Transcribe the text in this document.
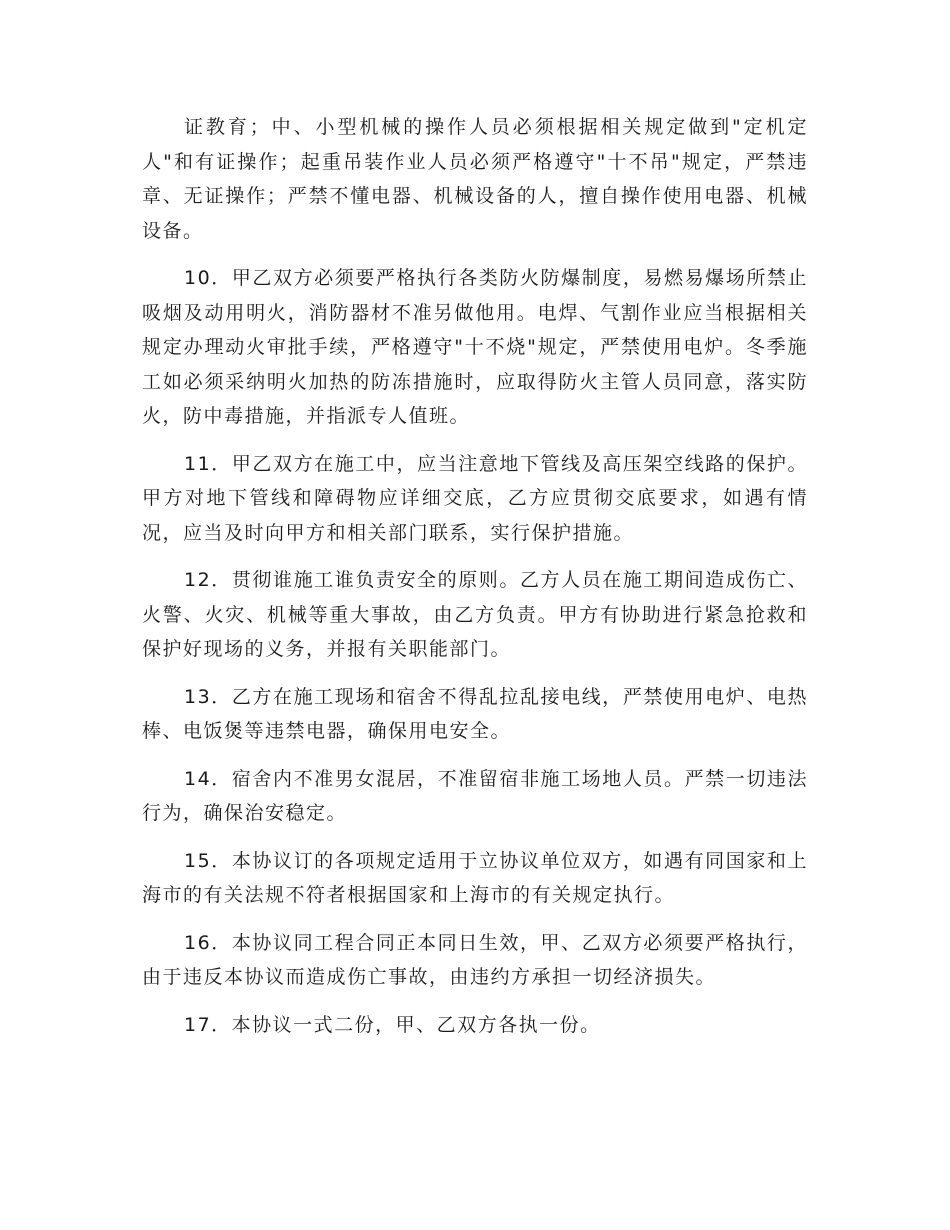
证教育；中、小型机械的操作人员必须根据相关规定做到"定机定人"和有证操作；起重吊装作业人员必须严格遵守"十不吊"规定，严禁违章、无证操作；严禁不懂电器、机械设备的人，擅自操作使用电器、机械设备。

10．甲乙双方必须要严格执行各类防火防爆制度，易燃易爆场所禁止吸烟及动用明火，消防器材不准另做他用。电焊、气割作业应当根据相关规定办理动火审批手续，严格遵守"十不烧"规定，严禁使用电炉。冬季施工如必须采纳明火加热的防冻措施时，应取得防火主管人员同意，落实防火，防中毒措施，并指派专人值班。

11．甲乙双方在施工中，应当注意地下管线及高压架空线路的保护。甲方对地下管线和障碍物应详细交底，乙方应贯彻交底要求，如遇有情况，应当及时向甲方和相关部门联系，实行保护措施。

12．贯彻谁施工谁负责安全的原则。乙方人员在施工期间造成伤亡、火警、火灾、机械等重大事故，由乙方负责。甲方有协助进行紧急抢救和保护好现场的义务，并报有关职能部门。

13．乙方在施工现场和宿舍不得乱拉乱接电线，严禁使用电炉、电热棒、电饭煲等违禁电器，确保用电安全。

14．宿舍内不准男女混居，不准留宿非施工场地人员。严禁一切违法行为，确保治安稳定。

15．本协议订的各项规定适用于立协议单位双方，如遇有同国家和上海市的有关法规不符者根据国家和上海市的有关规定执行。

16．本协议同工程合同正本同日生效，甲、乙双方必须要严格执行，由于违反本协议而造成伤亡事故，由违约方承担一切经济损失。

17．本协议一式二份，甲、乙双方各执一份。
